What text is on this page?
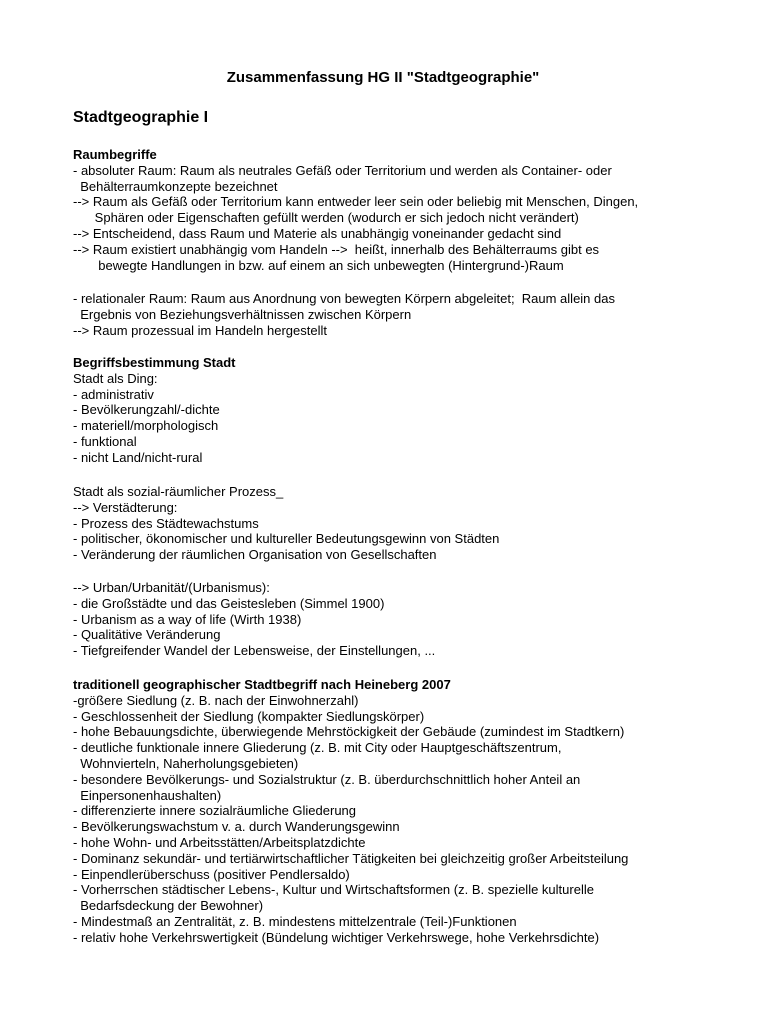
Zusammenfassung HG II "Stadtgeographie"
Stadtgeographie I
Raumbegriffe
- absoluter Raum: Raum als neutrales Gefäß oder Territorium und werden als Container- oder
Behälterraumkonzepte bezeichnet
--> Raum als Gefäß oder Territorium kann entweder leer sein oder beliebig mit Menschen, Dingen,
Sphären oder Eigenschaften gefüllt werden (wodurch er sich jedoch nicht verändert)
--> Entscheidend, dass Raum und Materie als unabhängig voneinander gedacht sind
--> Raum existiert unabhängig vom Handeln -->  heißt, innerhalb des Behälterraums gibt es
bewegte Handlungen in bzw. auf einem an sich unbewegten (Hintergrund-)Raum
- relationaler Raum: Raum aus Anordnung von bewegten Körpern abgeleitet;  Raum allein das
Ergebnis von Beziehungsverhältnissen zwischen Körpern
--> Raum prozessual im Handeln hergestellt
Begriffsbestimmung Stadt
Stadt als Ding:
- administrativ
- Bevölkerungzahl/-dichte
- materiell/morphologisch
- funktional
- nicht Land/nicht-rural
Stadt als sozial-räumlicher Prozess_
--> Verstädterung:
- Prozess des Städtewachstums
- politischer, ökonomischer und kultureller Bedeutungsgewinn von Städten
- Veränderung der räumlichen Organisation von Gesellschaften
--> Urban/Urbanität/(Urbanismus):
- die Großstädte und das Geistesleben (Simmel 1900)
- Urbanism as a way of life (Wirth 1938)
- Qualitätive Veränderung
- Tiefgreifender Wandel der Lebensweise, der Einstellungen, ...
traditionell geographischer Stadtbegriff nach Heineberg 2007
-größere Siedlung (z. B. nach der Einwohnerzahl)
- Geschlossenheit der Siedlung (kompakter Siedlungskörper)
- hohe Bebauungsdichte, überwiegende Mehrstöckigkeit der Gebäude (zumindest im Stadtkern)
- deutliche funktionale innere Gliederung (z. B. mit City oder Hauptgeschäftszentrum,
Wohnvierteln, Naherholungsgebieten)
- besondere Bevölkerungs- und Sozialstruktur (z. B. überdurchschnittlich hoher Anteil an
Einpersonenhaushalten)
- differenzierte innere sozialräumliche Gliederung
- Bevölkerungswachstum v. a. durch Wanderungsgewinn
- hohe Wohn- und Arbeitsstätten/Arbeitsplatzdichte
- Dominanz sekundär- und tertiärwirtschaftlicher Tätigkeiten bei gleichzeitig großer Arbeitsteilung
- Einpendlerüberschuss (positiver Pendlersaldo)
- Vorherrschen städtischer Lebens-, Kultur und Wirtschaftsformen (z. B. spezielle kulturelle
Bedarfsdeckung der Bewohner)
- Mindestmaß an Zentralität, z. B. mindestens mittelzentrale (Teil-)Funktionen
- relativ hohe Verkehrswertigkeit (Bündelung wichtiger Verkehrswege, hohe Verkehrsdichte)
